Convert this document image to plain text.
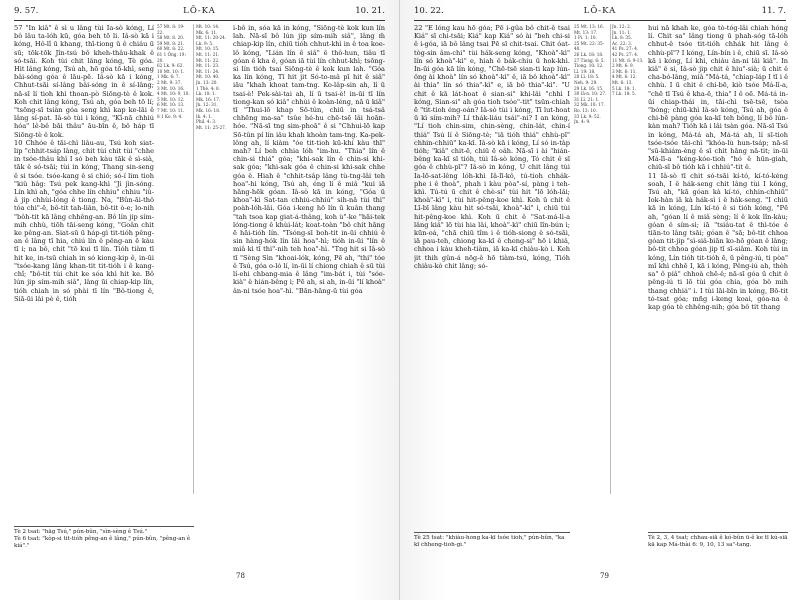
9. 57.	LŌ-KA	10. 21.
57 "In kiâ" ê sì u lâng tùi Ia-sò kóng, Lí bô lâu ta-lóh kū, góa beh tō li. Iâ-sò kā i kóng, Hô-lî ū khang, thī-tiong ū ê chiáu ū sū; tōk-tōk Jîn-tsú bô kheh-thâu-khak ê só-tsāi. Koh tùi chit lâng kóng, Tè góa. Hit lâng kóng, Tsú ah, hō góa tō-khì, seng bâi-sóng góa ê lāu-pē. Iâ-sò kā i kóng, Chhut-tsāi sí-lâng bâi-sóng in ê sí-lâng; nā-sī lí tioh khì thoan-pò Siōng-tè ê kok. Koh chit lâng kóng, Tsú ah, góa beh tō lí; "tsōng-sī tsiàn góa seng khì kap ke-lāi ê lâng sí-pat. Iâ-sò tùi i kóng, "Kî-nā chhiú hóa" lê-bê bāi thâu" āu-bīn ê, bô háp tī Siōng-tè ê kok.
10 Chhóe ê tāi-chì liâu-au, Tsú koh siat-lip "chhit-tsáp lâng, chit tùi chit tùi "chhe in tsóe-thâu khì I só beh kàu tāk ê sì-sià, tāk ê só-tsāi; tùi in kóng, Thang sin-seng ê si tsóe. tsóe-kang ê si chió; só-í lim tioh "kiû hâg: Tsú pek kang-khì "Ji jìn-sóng. Lín khì ah, "góa chhe lín chhiu" chhiu "iû-â jip chhùi-lóng ê tiong. Na, "Bûn-āi-thô tóa chi"-ē, bô-tit tah-liân, bô-tit ò-e; lo-nih "bôh-tit kā lâng chhêng-an. Bô lín jip sím-mih chhù, tiōh tāi-seng kóng, "Goân chit ke pêng-an. Siat-sū ū háp-gì tit-tióh pêng-an ê lâng tī hia, chiú lín ê pêng-an ē kàu tī i; na bô, chit "tō kui tī lín. Tióh tiàm tī hit ke, in-tsū chiah in só kiong-kip ê, in-ūi "tsóe-kang lâng khan-tit tit-tióh i ê kang-chî; "bô-tit tùi chit ke sóa khì hit ke. Bô lún jip sím-mih siâ", lâng ūi chiap-kip lín, tióh chiah in só phài tī lín "Bô-tiong ê, Siā-ūi lâi pè ê, tióh
57 Mt. 8: 19-22.
58 Mt. 8. 20.
59 Mt. 8: 21.
60 Mt. 8: 22.
61 1 Ông. 19: 20.
62 Lk. 9: 62.
10 Mt. 10: 1.
1 Mk. 6: 7.
2 Mt. 9: 37.
3 Mt. 10: 16.
4 Mt. 10: 9, 10.
5 Mt. 10: 12.
6 Mt. 10: 13.
7 Mt. 10: 11.
8 1 Ko. 9: 4.
Mt. 10: 14.
Mk. 6: 11.
Mt. 11: 20-24.
Lk. 9: 5.
Mt. 10: 15.
Mt. 11: 21.
Mt. 11: 22.
Mt. 11: 23.
Mt. 11: 24.
Mt. 10: 40.
Jn. 13: 20.
1 Thè. 4: 8.
Lk. 10: 1.
Mk. 16: 17.
Jn. 12: 31.
Mk. 16: 18.
Ik. 4: 1.
Phil. 4: 3.
Mt. 11: 25-27.
i-bô in, sóa kā in kóng, "Siōng-tè kok kun lín lah. Nā-sī bô lún jip sím-mih siâ", lâng m̄ chiap-kip lín, chiū tióh chhut-khì in ê toa koe-lô kóng, "Lián lín ê siâ" ê thô-hun, tiâu tī góan ê kha ê, góan iā tùi lín chhut-khì; tsōng-si lín tióh tsai Siōng-tè ê kok kun lah. "Góa ka lín kóng, Tī hit jit Só-to-mâ pī hit ê siâ" iāu "khah khoat tam-tng. Ko-lâp-sin ah, lí ū tsai-è! Pek-sài-tai ah, lí ū tsai-è! in-ūi tī lín tiong-kan só kiâ" chhùi ê koàn-léng, nā ū kiâ" tī "Thui-lō khap Sō-tûn, chiū in tsá-tsâ chhēng ma-sa" tsûe hé-hu chē-tsē lâi hoān-hóe. "Nā-sī tng sim-phoā" ê si "Chhui-lō kap Sō-tûn pí lín iâu khah khoàn tam-tng. Ka-pek-lông ah, lí kiàm "óe tit-tioh kū-khí kàu thī" mah? Lí beh chhia lóh "im-hu. "Thia" lín ê chin-si thiá" góa; "khi-sak lín ê chin-si khi-sak góa; "khi-sak góa ê chin-si khi-sak chhe góa ê. Hiah ê "chhit-tsâp lâng tù-tng-lâi teh hoa"-hi kóng, Tsú ah, éng lí ê miâ "kui iā hāng-hēk góan. Iâ-sò kā in kóng, "Góa ū khoa"-kì Sat-tan chhiú-chhiú" sih-nā tùi thi" poàh-lóh-lâi. Góa i-keng hō lín ū kuân thang "tah tsoa kap giat-á-thâng, koh ù"-ke "hāi-tek lóng-tiong ê khùi-lát; koat-toàn "bô chit hāng ē hāi-tióh lín. "Tsóng-sī boh-tit in-ūi chhiú ê sin hàng-hók lín lâi hoa"-hì; tióh in-ūi "lín ê miâ kì tī thi"-nih teh hoa"-hì. "Tng hit si Iâ-sò tī "Sèng Sìn "khoai-lók, kóng, Pē ah, "thi" tóe ê Tsú, góa o-ló lí, in-ūi lí chiong chiah ê sū tùi lí-ehi chbang-mia ê lâng "im-bát i, tùi "sóe-kià" ê hián-bêng i; Pē ah, si ah, in-ūi "lí khoà" ân-ni tsóe hoa"-hì. "Bān-hāng-ū tùi góa
Tè 2 tsat: "hāg Tsú," pún-bûn, "sìn-sèng ê Tsú."
Tè 6 tsat: "kòp-si tit-tióh pêng-an ê lâng," pún-bûn, "pêng-an ê kiá"."
78
10. 22.	LŌ-KA	11. 7.
22 "E lóng kau hō góa; Pē i-gûa bô chit-ê tsai Kiá" sī chi-tsāi; Kiá" kap Kiá" só ài "beh chi-si ê i-góa, iā bô lâng tsai Pē sī chit-tsai. Chit óat-tòg-sin âm-chi" tùi hák-seng kóng, "Khoà"-kì" lín só khoà"-kì" e, hiah ê bák-chiu ū hok-khì. In-ūi góa kā lín kóng, "Chē-tsē sian-ti kap lún-ông ài khoà" lín só khoà"-kì" ê, iā bô khoà"-kì" ài thia" lín só thia"-kì" e, iā bô thia"-kì". "U chit ê kā lát-hoat ê sian-si" khi-lâi "chhì I kóng, Sian-si" ah góa tioh tsóe"-tit" tsūn-chiah ē "tit-tioh éng-oán? Iâ-sò tùi i kóng, Tī lut-hoat ū kì sím-mih? Lí thák-liáu tsái"-ni? I an kóng, "Lí tioh chin-sim, chin-sèng, chin-lát, chin-í thiá" Tsú lí ê Siōng-tè; "iā tióh thiá" chhù-pī" chhin-chhiū" ka-kī. Iâ-sò kā i kóng, Lí só in-tàp tióh; "kiâ" chit-ē, chiū ē oâh. Nā-sī i ài "hián-bêng ka-kī sī tióh, tùi Iâ-sò kóng, Tó chit ê sī góa ê chhù-pī"? Iâ-sò in kóng, U chit lâng tùi Ia-lō-sat-lêng lóh-khì Iâ-lī-kô, tú-tioh chhák-phe i ê thoà", phah i kàu pòa"-sí, pàng i teh-khì. Tú-tú ū chit ê chè-si" tùi hit "lō lóh-lâi; khoà"-kì" i, tùi hit-pêng-koe khì. Koh ū chit ê Lī-bī lâng kàu hit só-tsāi, khoà"-kì" i, chiū tùi hit-pêng-koe khì. Koh ū chit ê "Sat-má-lì-a lâng kiâ" lō tùi hia lâi, khoà"-kì" chiū lîn-bún i; kūn-oá, "chā chiū tîm i ê tióh-siong ê só-tsāi, iā pau-teh, chiong ka-kī ê cheng-si" hō i khiâ, chhoa i kàu kheh-tiàm, iā ka-kī chiàu-kò i. Keh jit thih gûn-á nōg-ê hō tiàm-tsú, kóng, Tióh chiàu-kò chit lâng; só-
25 Mt. 13: 16.
Mt. 13: 17.
1 Pi. 1: 10.
25 Mt. 22: 35-40.
26 Lk. 18: 18.
27 Tiong. 6: 5.
Tiong. 10: 12.
Lī. 19: 18.
28 Lī. 18: 5.
Neh. 9: 29.
29 Lk. 16: 15.
30 Iâ-n. 10: 27.
31 Lī. 21: 1.
32 Mk. 10: 17.
Ro. 13: 10.
33 Lk. 9: 52.
Jn. 4: 9.
Jn. 12: 2.
Jn. 11: 1.
Lk. 8: 35.
Ac. 22: 3.
41 Ps. 27: 4.
42 Ps. 27: 4.
11 Mt. 6: 9-13.
2 Mt. 6: 9.
3 Mt. 6: 11.
4 Mt. 6: 12.
Mt. 6: 13.
5 Lk. 18: 1.
7 Lk. 18: 5.
hui nā khah ke, góa tò-tóg-lâi chiah hóng lí. Chit sa" lâng tiong ū phah-sóg tā-lóh chhut-ê tsóe tit-tióh chhák hit lâng ê chhù-pī"? I kóng, Lín-bín i ê, chiū sī. Iâ-sò kā i kóng, Lí khì, chiàu ân-ni lâi kiâ". In kiâ" ê si, Iâ-sò jip chit ê hiu"-sià; ū chit ê cha-bó-lâng, miâ "Má-tá, "chiap-láp I tī i ê chhù. I ū chit ê chi-bē, kiò tsóe Má-lī-a, "chē tī Tsú ê kha-ē, thia" I ê oē. Má-tá in-ūi chiap-thái in, tāi-chì tsē-tsē, tsòa "bóng; chiū-khì Iâ-sò kóng, Tsú ah, góa ê chi-bē pàng góa ka-kī teh bông, lí bô lún-kàn mah? Tióh kā i lâi tsàn góa. Nā-sī Tsú in kóng, Má-tá ah, Má-tá ah, lí sī-tioh tsóe-tsóe tāi-chì "khóa-lù hun-tsáp; nā-sī "sū-khiám-èng ê sī chit hāng nā-tit; in-ūi Má-lī-a "kéng-kóe-tioh "hó ê hūn-giah, chiū-sī bô tióh kā i chhiú"-tit ê.
11 Iâ-sò tī chit só-tsāi kí-tó, kí-tó-kéng soah, I ê hák-seng chit lâng tùi I kóng, Tsú ah, "kā góan kà kí-tó, chhin-chhiū" Iok-hàn iā kà hák-sì i ê hák-seng. "I chiū kā in kóng, Lín kí-tó ê si tióh kóng, "Pē ah, "góan lí ê miâ sèng; lí ê kok lîn-kàu; góan ê sím-sì; iā "tsiáu-tat ê thì-tóe ê tiān-to lâng tsāi; góan ê "sā; bô-tit chhoa góan tit-jip "sì-siâ-biān ko-hō góan ê lâng; bô-tit chhoa góan jip tī sī-siâm. Koh tùi in kóng, Lín tióh tit-tióh ē, ū pêng-iú, ti pòa" mî khì chhē I, kā i kóng, Pêng-iú ah, thèh sa" ô piâ" chhoà chē-ê; nā-sī góa ū chit ê pêng-iú ti lō tùi góa chia, góa bô mih thang chhiá" i. I tùi lāi-bīn in kóng, Bō-tit tó-tsat góa; mñg i-keng koai, góa-na ê kap góa tè chhêng-nih; góa bô tit thang
Tè 25 tsat: "khiàu-hong ka-kī tsóe tioh," pún-bûn, "ka kī chheng-tioh-gi."
Tè 2, 3, 4 tsat; chhau-siā ê kó-bûn ū-ê ke tī kú-siā kā kap Má-thài 6: 9, 10, 13 sa"-tang.
79
